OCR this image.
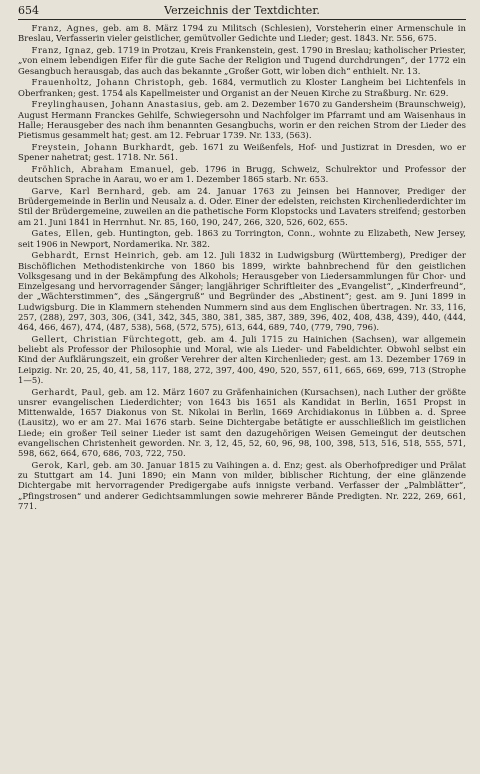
654	Verzeichnis der Textdichter.

Franz, Agnes, geb. am 8. März 1794 zu Militsch (Schlesien), Vorsteherin einer Armenschule in Breslau, Verfasserin vieler geistlicher, gemütvoller Gedichte und Lieder; gest. 1843. Nr. 556, 675.

Franz, Ignaz, geb. 1719 in Protzau, Kreis Frankenstein, gest. 1790 in Breslau; katholischer Priester, „von einem lebendigen Eifer für die gute Sache der Religion und Tugend durchdrungen“, der 1772 ein Gesangbuch herausgab, das auch das bekannte „Großer Gott, wir loben dich“ enthielt. Nr. 13.

Frauenholtz, Johann Christoph, geb. 1684, vermutlich zu Kloster Langheim bei Lichtenfels in Oberfranken; gest. 1754 als Kapellmeister und Organist an der Neuen Kirche zu Straßburg. Nr. 629.

Freylinghausen, Johann Anastasius, geb. am 2. Dezember 1670 zu Gandersheim (Braunschweig), August Hermann Franckes Gehilfe, Schwiegersohn und Nachfolger im Pfarramt und am Waisenhaus in Halle; Herausgeber des nach ihm benannten Gesangbuchs, worin er den reichen Strom der Lieder des Pietismus gesammelt hat; gest. am 12. Februar 1739. Nr. 133, (563).

Freystein, Johann Burkhardt, geb. 1671 zu Weißenfels, Hof- und Justizrat in Dresden, wo er Spener nahetrat; gest. 1718. Nr. 561.

Fröhlich, Abraham Emanuel, geb. 1796 in Brugg, Schweiz, Schulrektor und Professor der deutschen Sprache in Aarau, wo er am 1. Dezember 1865 starb. Nr. 653.

Garve, Karl Bernhard, geb. am 24. Januar 1763 zu Jeinsen bei Hannover, Prediger der Brüdergemeinde in Berlin und Neusalz a. d. Oder. Einer der edelsten, reichsten Kirchenliederdichter im Stil der Brüdergemeine, zuweilen an die pathetische Form Klopstocks und Lavaters streifend; gestorben am 21. Juni 1841 in Herrnhut. Nr. 85, 160, 190, 247, 266, 320, 526, 602, 655.

Gates, Ellen, geb. Huntington, geb. 1863 zu Torrington, Conn., wohnte zu Elizabeth, New Jersey, seit 1906 in Newport, Nordamerika. Nr. 382.

Gebhardt, Ernst Heinrich, geb. am 12. Juli 1832 in Ludwigsburg (Württemberg), Prediger der Bischöflichen Methodistenkirche von 1860 bis 1899, wirkte bahnbrechend für den geistlichen Volksgesang und in der Bekämpfung des Alkohols; Herausgeber von Liedersammlungen für Chor- und Einzelgesang und hervorragender Sänger; langjähriger Schriftleiter des „Evangelist“, „Kinderfreund“, der „Wächterstimmen“, des „Sängergruß“ und Begründer des „Abstinent“; gest. am 9. Juni 1899 in Ludwigsburg. Die in Klammern stehenden Nummern sind aus dem Englischen übertragen. Nr. 33, 116, 257, (288), 297, 303, 306, (341, 342, 345, 380, 381, 385, 387, 389, 396, 402, 408, 438, 439), 440, (444, 464, 466, 467), 474, (487, 538), 568, (572, 575), 613, 644, 689, 740, (779, 790, 796).

Gellert, Christian Fürchtegott, geb. am 4. Juli 1715 zu Hainichen (Sachsen), war allgemein beliebt als Professor der Philosophie und Moral, wie als Lieder- und Fabeldichter. Obwohl selbst ein Kind der Aufklärungszeit, ein großer Verehrer der alten Kirchenlieder; gest. am 13. Dezember 1769 in Leipzig. Nr. 20, 25, 40, 41, 58, 117, 188, 272, 397, 400, 490, 520, 557, 611, 665, 669, 699, 713 (Strophe 1—5).

Gerhardt, Paul, geb. am 12. März 1607 zu Gräfenhainichen (Kursachsen), nach Luther der größte unsrer evangelischen Liederdichter; von 1643 bis 1651 als Kandidat in Berlin, 1651 Propst in Mittenwalde, 1657 Diakonus von St. Nikolai in Berlin, 1669 Archidiakonus in Lübben a. d. Spree (Lausitz), wo er am 27. Mai 1676 starb. Seine Dichtergabe betätigte er ausschließlich im geistlichen Liede; ein großer Teil seiner Lieder ist samt den dazugehörigen Weisen Gemeingut der deutschen evangelischen Christenheit geworden. Nr. 3, 12, 45, 52, 60, 96, 98, 100, 398, 513, 516, 518, 555, 571, 598, 662, 664, 670, 686, 703, 722, 750.

Gerok, Karl, geb. am 30. Januar 1815 zu Vaihingen a. d. Enz; gest. als Oberhofprediger und Prälat zu Stuttgart am 14. Juni 1890; ein Mann von milder, biblischer Richtung, der eine glänzende Dichtergabe mit hervorragender Predigergabe aufs innigste verband. Verfasser der „Palmblätter“, „Pfingstrosen“ und anderer Gedichtsammlungen sowie mehrerer Bände Predigten. Nr. 222, 269, 661, 771.
